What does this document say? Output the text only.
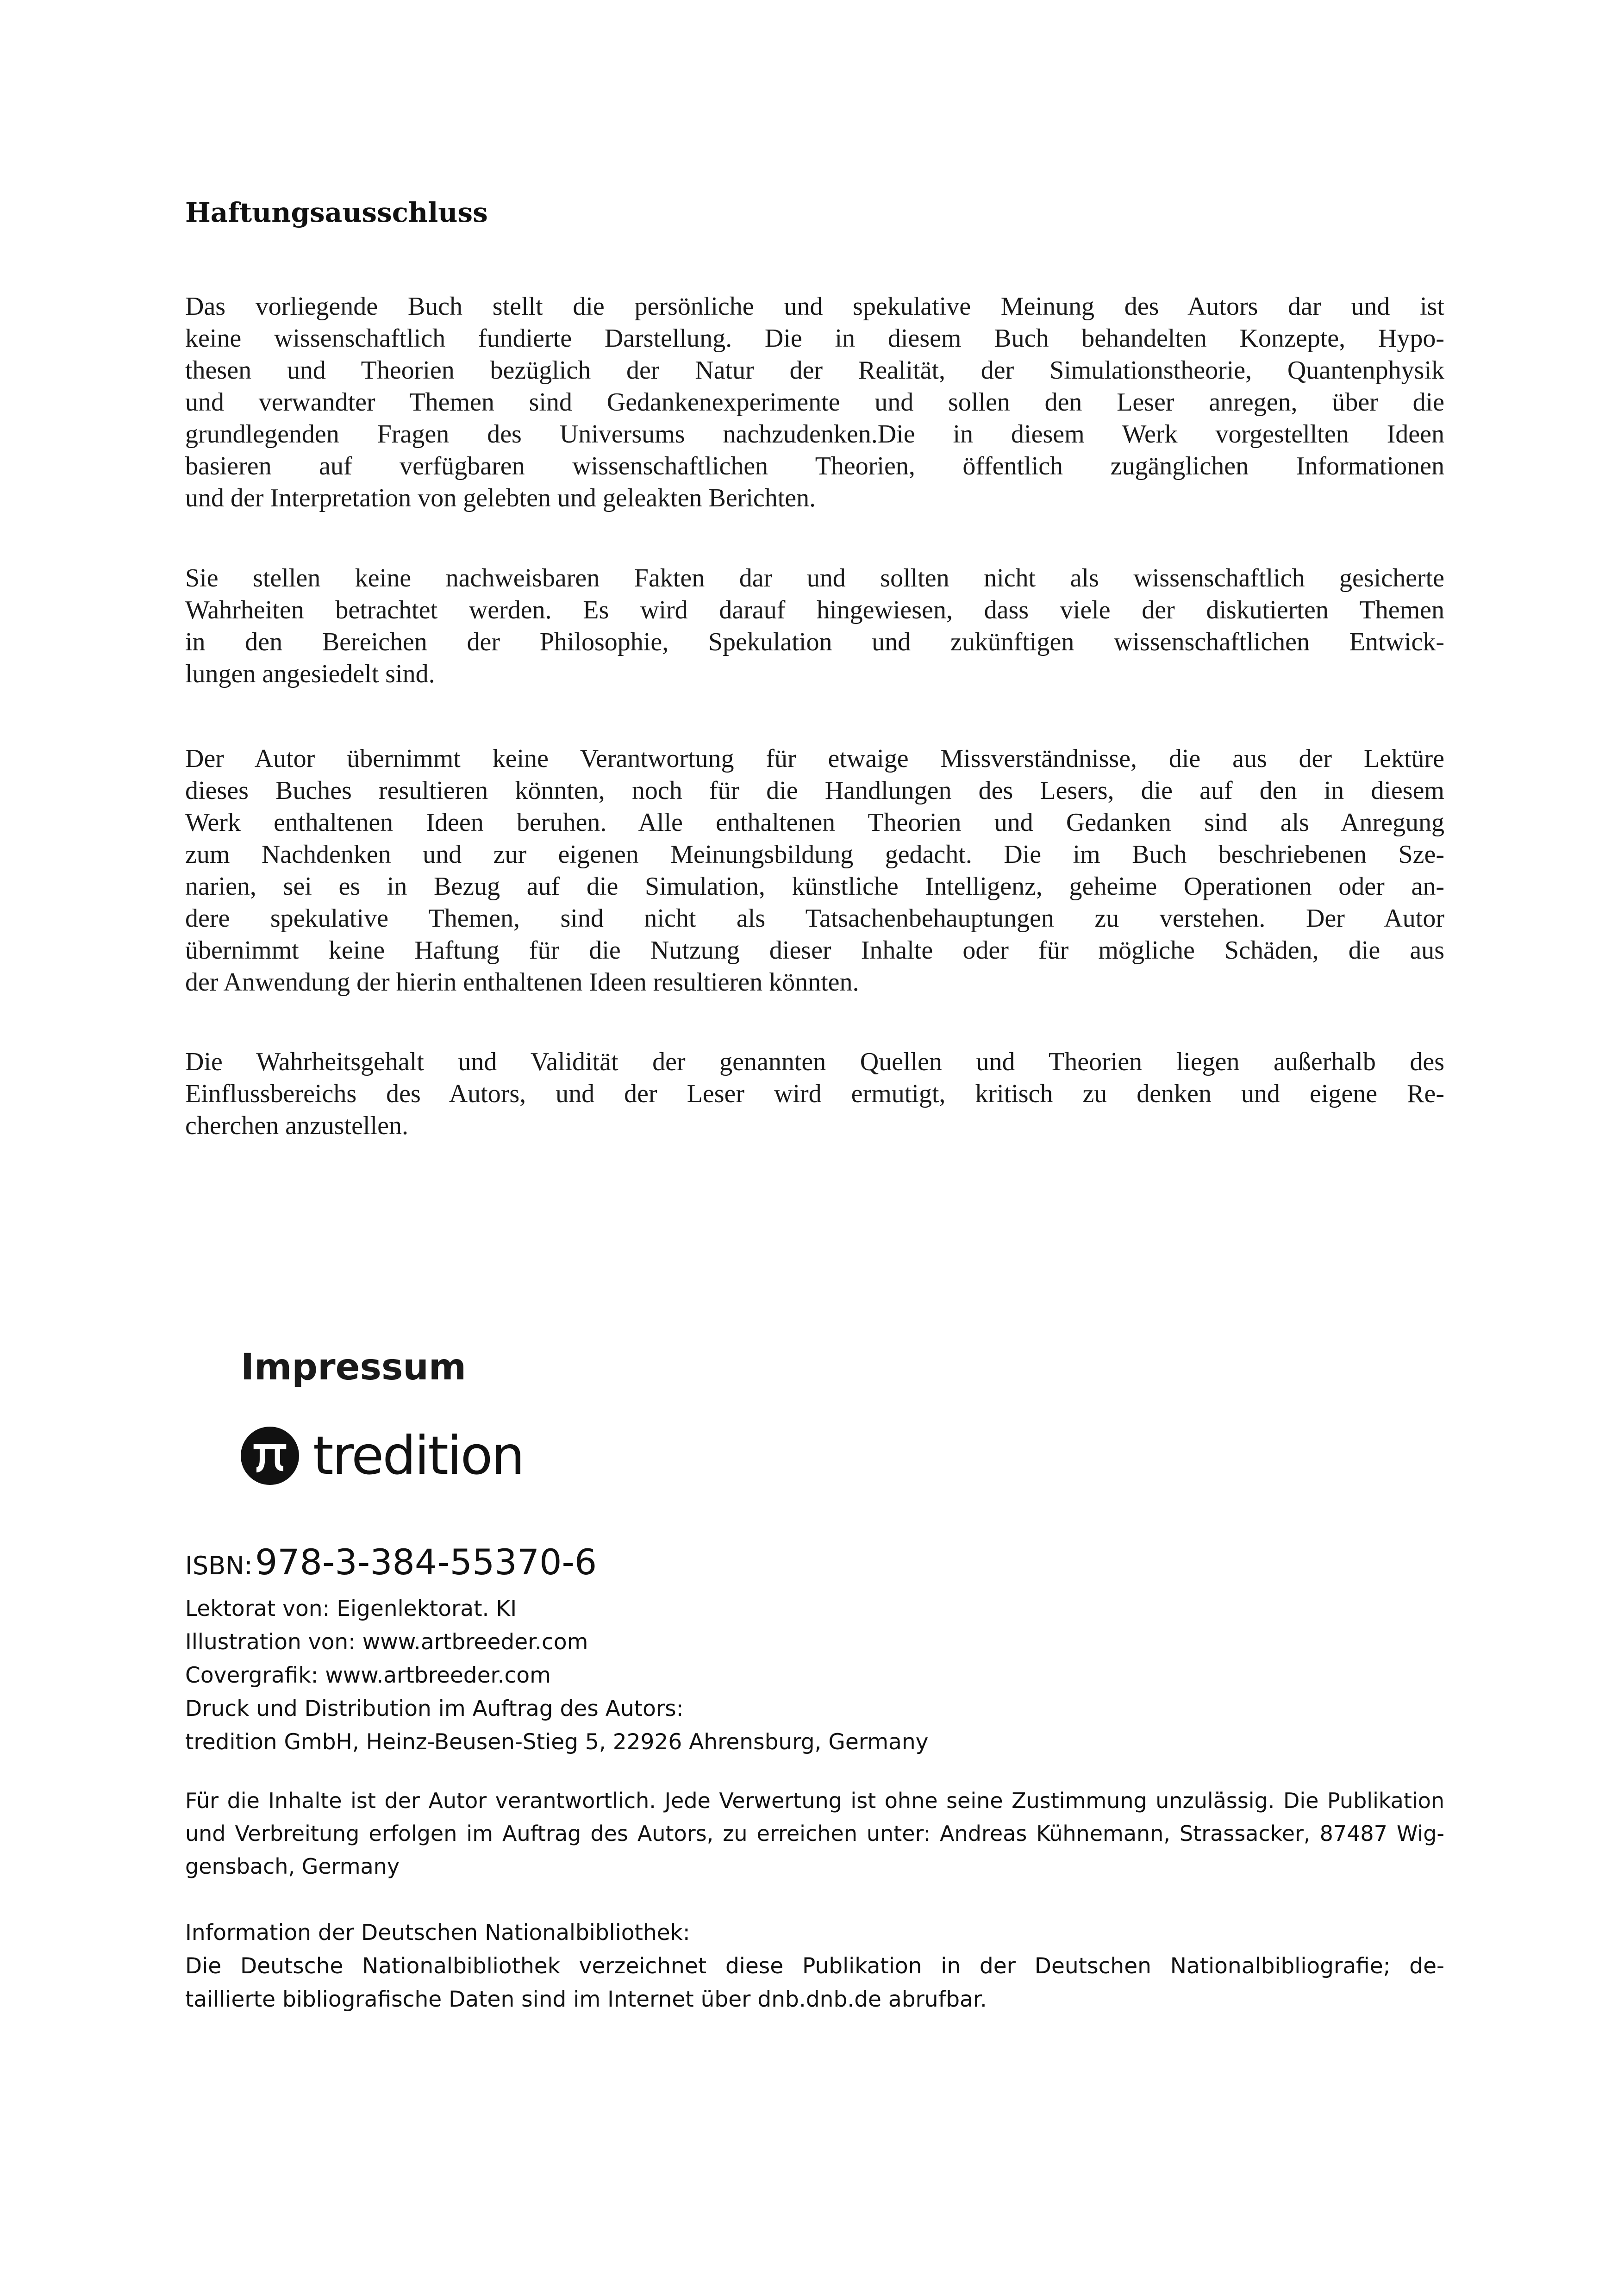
Haftungsausschluss
Das vorliegende Buch stellt die persönliche und spekulative Meinung des Autors dar und ist
keine wissenschaftlich fundierte Darstellung. Die in diesem Buch behandelten Konzepte, Hypo-
thesen und Theorien bezüglich der Natur der Realität, der Simulationstheorie, Quantenphysik
und verwandter Themen sind Gedankenexperimente und sollen den Leser anregen, über die
grundlegenden Fragen des Universums nachzudenken.Die in diesem Werk vorgestellten Ideen
basieren auf verfügbaren wissenschaftlichen Theorien, öffentlich zugänglichen Informationen
und der Interpretation von gelebten und geleakten Berichten.
Sie stellen keine nachweisbaren Fakten dar und sollten nicht als wissenschaftlich gesicherte
Wahrheiten betrachtet werden. Es wird darauf hingewiesen, dass viele der diskutierten Themen
in den Bereichen der Philosophie, Spekulation und zukünftigen wissenschaftlichen Entwick-
lungen angesiedelt sind.
Der Autor übernimmt keine Verantwortung für etwaige Missverständnisse, die aus der Lektüre
dieses Buches resultieren könnten, noch für die Handlungen des Lesers, die auf den in diesem
Werk enthaltenen Ideen beruhen. Alle enthaltenen Theorien und Gedanken sind als Anregung
zum Nachdenken und zur eigenen Meinungsbildung gedacht. Die im Buch beschriebenen Sze-
narien, sei es in Bezug auf die Simulation, künstliche Intelligenz, geheime Operationen oder an-
dere spekulative Themen, sind nicht als Tatsachenbehauptungen zu verstehen. Der Autor
übernimmt keine Haftung für die Nutzung dieser Inhalte oder für mögliche Schäden, die aus
der Anwendung der hierin enthaltenen Ideen resultieren könnten.
Die Wahrheitsgehalt und Validität der genannten Quellen und Theorien liegen außerhalb des
Einflussbereichs des Autors, und der Leser wird ermutigt, kritisch zu denken und eigene Re-
cherchen anzustellen.
Impressum
tredition
ISBN: 978-3-384-55370-6
Lektorat von: Eigenlektorat. KI
Illustration von: www.artbreeder.com
Covergrafik: www.artbreeder.com
Druck und Distribution im Auftrag des Autors:
tredition GmbH, Heinz-Beusen-Stieg 5, 22926 Ahrensburg, Germany
Für die Inhalte ist der Autor verantwortlich. Jede Verwertung ist ohne seine Zustimmung unzulässig. Die Publikation
und Verbreitung erfolgen im Auftrag des Autors, zu erreichen unter: Andreas Kühnemann, Strassacker, 87487 Wig-
gensbach, Germany
Information der Deutschen Nationalbibliothek:
Die Deutsche Nationalbibliothek verzeichnet diese Publikation in der Deutschen Nationalbibliografie; de-
taillierte bibliografische Daten sind im Internet über dnb.dnb.de abrufbar.
